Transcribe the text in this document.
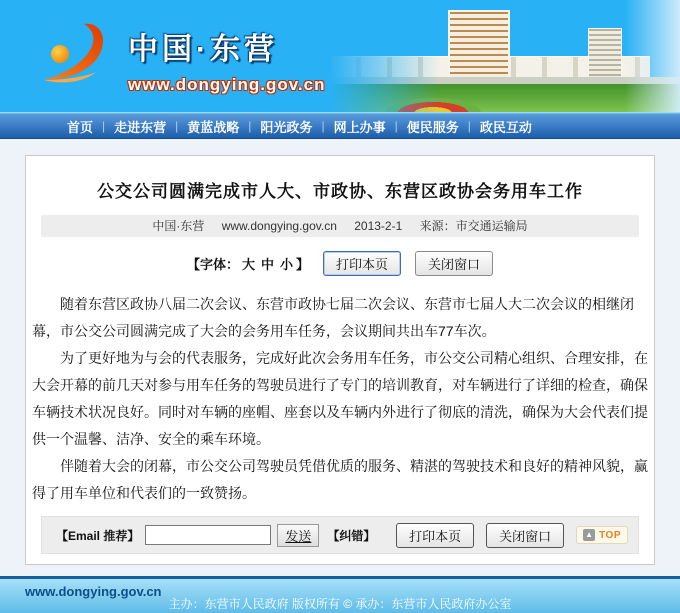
中国·东营
www.dongying.gov.cn
首页 | 走进东营 | 黄蓝战略 | 阳光政务 | 网上办事 | 便民服务 | 政民互动
公交公司圆满完成市人大、市政协、东营区政协会务用车工作
中国·东营 www.dongying.gov.cn 2013-2-1 来源：市交通运输局
【字体： 大 中 小 】	打印本页	关闭窗口

随着东营区政协八届二次会议、东营市政协七届二次会议、东营市七届人大二次会议的相继闭幕，市公交公司圆满完成了大会的会务用车任务，会议期间共出车77车次。

为了更好地为与会的代表服务，完成好此次会务用车任务，市公交公司精心组织、合理安排，在大会开幕的前几天对参与用车任务的驾驶员进行了专门的培训教育，对车辆进行了详细的检查，确保车辆技术状况良好。同时对车辆的座帽、座套以及车辆内外进行了彻底的清洗，确保为大会代表们提供一个温馨、洁净、安全的乘车环境。

伴随着大会的闭幕，市公交公司驾驶员凭借优质的服务、精湛的驾驶技术和良好的精神风貌，赢得了用车单位和代表们的一致赞扬。

【Email 推荐】	发送	【纠错】	打印本页	关闭窗口	▲ TOP
www.dongying.gov.cn
主办：东营市人民政府 版权所有 © 承办：东营市人民政府办公室
